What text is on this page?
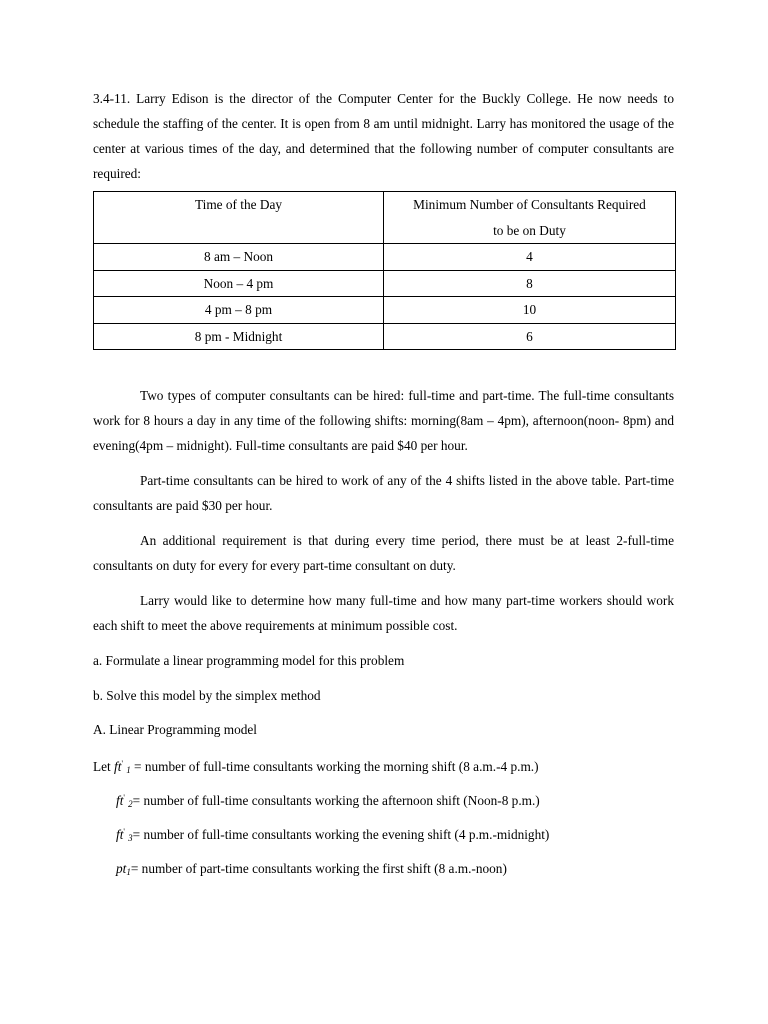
3.4-11. Larry Edison is the director of the Computer Center for the Buckly College. He now needs to schedule the staffing of the center. It is open from 8 am until midnight. Larry has monitored the usage of the center at various times of the day, and determined that the following number of computer consultants are required:

Time of the Day	Minimum Number of Consultants Required
to be on Duty

8 am – Noon	4
Noon – 4 pm	8
4 pm – 8 pm	10
8 pm - Midnight	6

Two types of computer consultants can be hired: full-time and part-time. The full-time consultants work for 8 hours a day in any time of the following shifts: morning(8am – 4pm), afternoon(noon- 8pm) and evening(4pm – midnight). Full-time consultants are paid $40 per hour.

Part-time consultants can be hired to work of any of the 4 shifts listed in the above table. Part-time consultants are paid $30 per hour.

An additional requirement is that during every time period, there must be at least 2-full-time consultants on duty for every for every part-time consultant on duty.

Larry would like to determine how many full-time and how many part-time workers should work each shift to meet the above requirements at minimum possible cost.

a. Formulate a linear programming model for this problem

b. Solve this model by the simplex method

A. Linear Programming model

Let ft' 1 = number of full-time consultants working the morning shift (8 a.m.-4 p.m.)
ft' 2= number of full-time consultants working the afternoon shift (Noon-8 p.m.)
ft' 3= number of full-time consultants working the evening shift (4 p.m.-midnight)
pt1= number of part-time consultants working the first shift (8 a.m.-noon)
